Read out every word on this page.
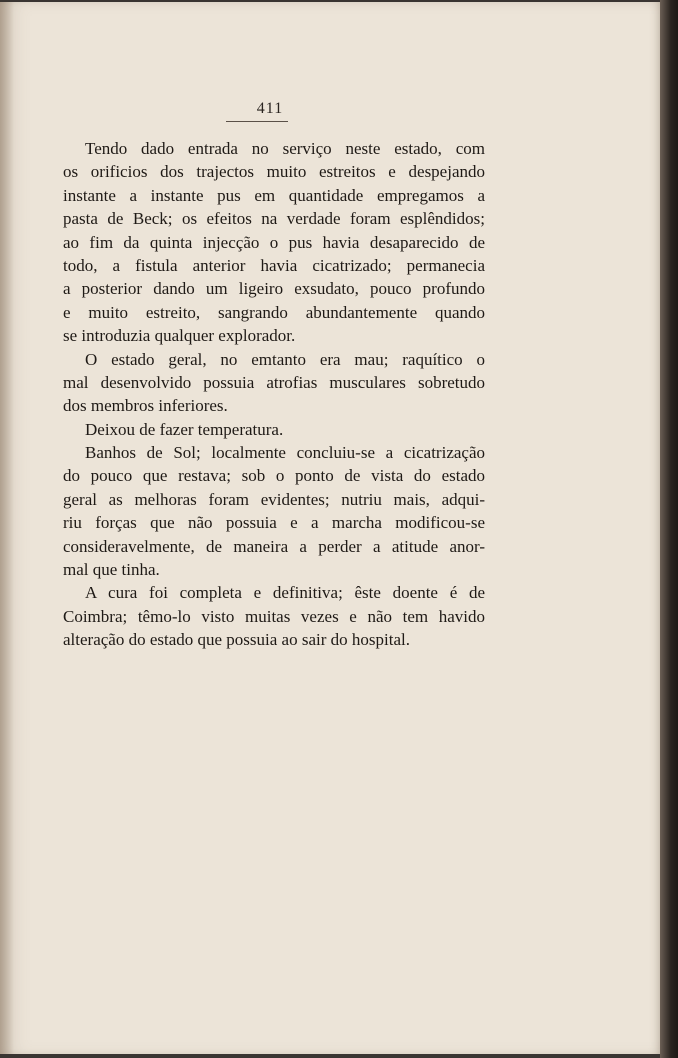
411
Tendo dado entrada no serviço neste estado, com
os orificios dos trajectos muito estreitos e despejando
instante a instante pus em quantidade empregamos a
pasta de Beck; os efeitos na verdade foram esplêndidos;
ao fim da quinta injecção o pus havia desaparecido de
todo, a fistula anterior havia cicatrizado; permanecia
a posterior dando um ligeiro exsudato, pouco profundo
e muito estreito, sangrando abundantemente quando
se introduzia qualquer explorador.
O estado geral, no emtanto era mau; raquítico o
mal desenvolvido possuia atrofias musculares sobretudo
dos membros inferiores.
Deixou de fazer temperatura.
Banhos de Sol; localmente concluiu-se a cicatrização
do pouco que restava; sob o ponto de vista do estado
geral as melhoras foram evidentes; nutriu mais, adqui-
riu forças que não possuia e a marcha modificou-se
consideravelmente, de maneira a perder a atitude anor-
mal que tinha.
A cura foi completa e definitiva; êste doente é de
Coimbra; têmo-lo visto muitas vezes e não tem havido
alteração do estado que possuia ao sair do hospital.
